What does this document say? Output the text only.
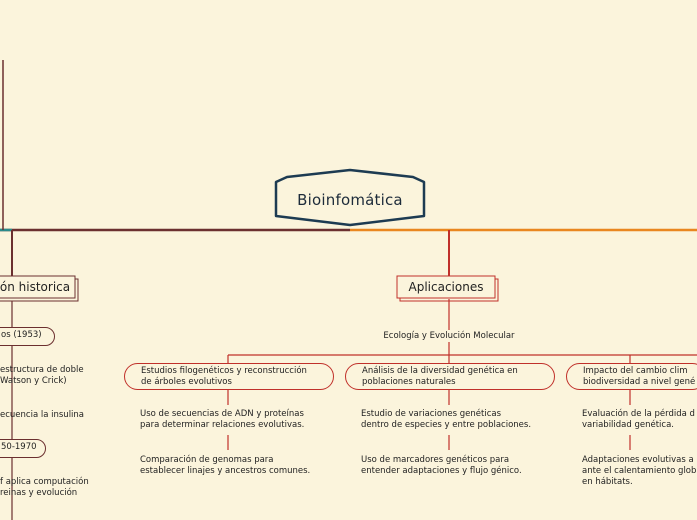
Bioinfomática
ón historica
os (1953)
estructura de doble
Watson y Crick)
ecuencia la insulina
50-1970
f aplica computación
reinas y evolución
Aplicaciones
Ecología y Evolución Molecular
Estudios filogenéticos y reconstrucción
de árboles evolutivos
Uso de secuencias de ADN y proteínas
para determinar relaciones evolutivas.
Comparación de genomas para
establecer linajes y ancestros comunes.
Análisis de la diversidad genética en
poblaciones naturales
Estudio de variaciones genéticas
dentro de especies y entre poblaciones.
Uso de marcadores genéticos para
entender adaptaciones y flujo génico.
Impacto del cambio clim
biodiversidad a nivel gené
Evaluación de la pérdida d
variabilidad genética.
Adaptaciones evolutivas a
ante el calentamiento glob
en hábitats.
